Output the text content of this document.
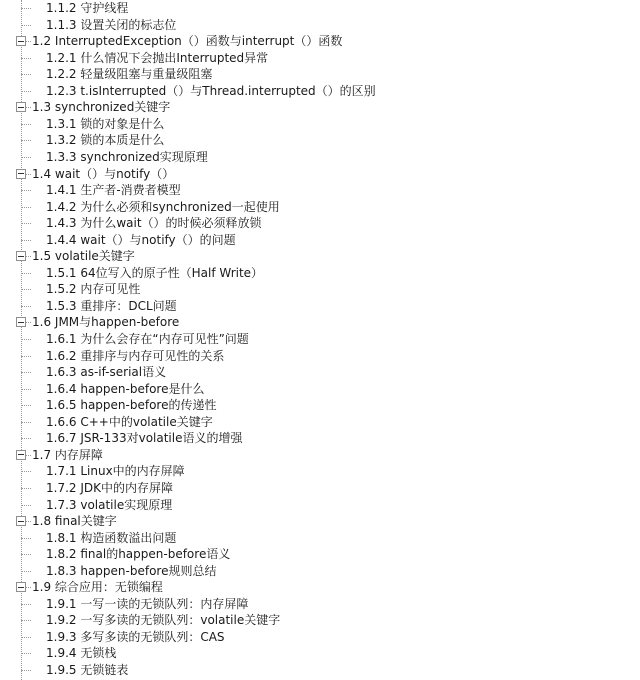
1.1.2 守护线程
1.1.3 设置关闭的标志位
1.2 InterruptedException（）函数与interrupt（）函数
1.2.1 什么情况下会抛出Interrupted异常
1.2.2 轻量级阻塞与重量级阻塞
1.2.3 t.isInterrupted（）与Thread.interrupted（）的区别
1.3 synchronized关键字
1.3.1 锁的对象是什么
1.3.2 锁的本质是什么
1.3.3 synchronized实现原理
1.4 wait（）与notify（）
1.4.1 生产者-消费者模型
1.4.2 为什么必须和synchronized一起使用
1.4.3 为什么wait（）的时候必须释放锁
1.4.4 wait（）与notify（）的问题
1.5 volatile关键字
1.5.1 64位写入的原子性（Half Write）
1.5.2 内存可见性
1.5.3 重排序：DCL问题
1.6 JMM与happen-before
1.6.1 为什么会存在“内存可见性”问题
1.6.2 重排序与内存可见性的关系
1.6.3 as-if-serial语义
1.6.4 happen-before是什么
1.6.5 happen-before的传递性
1.6.6 C++中的volatile关键字
1.6.7 JSR-133对volatile语义的增强
1.7 内存屏障
1.7.1 Linux中的内存屏障
1.7.2 JDK中的内存屏障
1.7.3 volatile实现原理
1.8 final关键字
1.8.1 构造函数溢出问题
1.8.2 final的happen-before语义
1.8.3 happen-before规则总结
1.9 综合应用：无锁编程
1.9.1 一写一读的无锁队列：内存屏障
1.9.2 一写多读的无锁队列：volatile关键字
1.9.3 多写多读的无锁队列：CAS
1.9.4 无锁栈
1.9.5 无锁链表
